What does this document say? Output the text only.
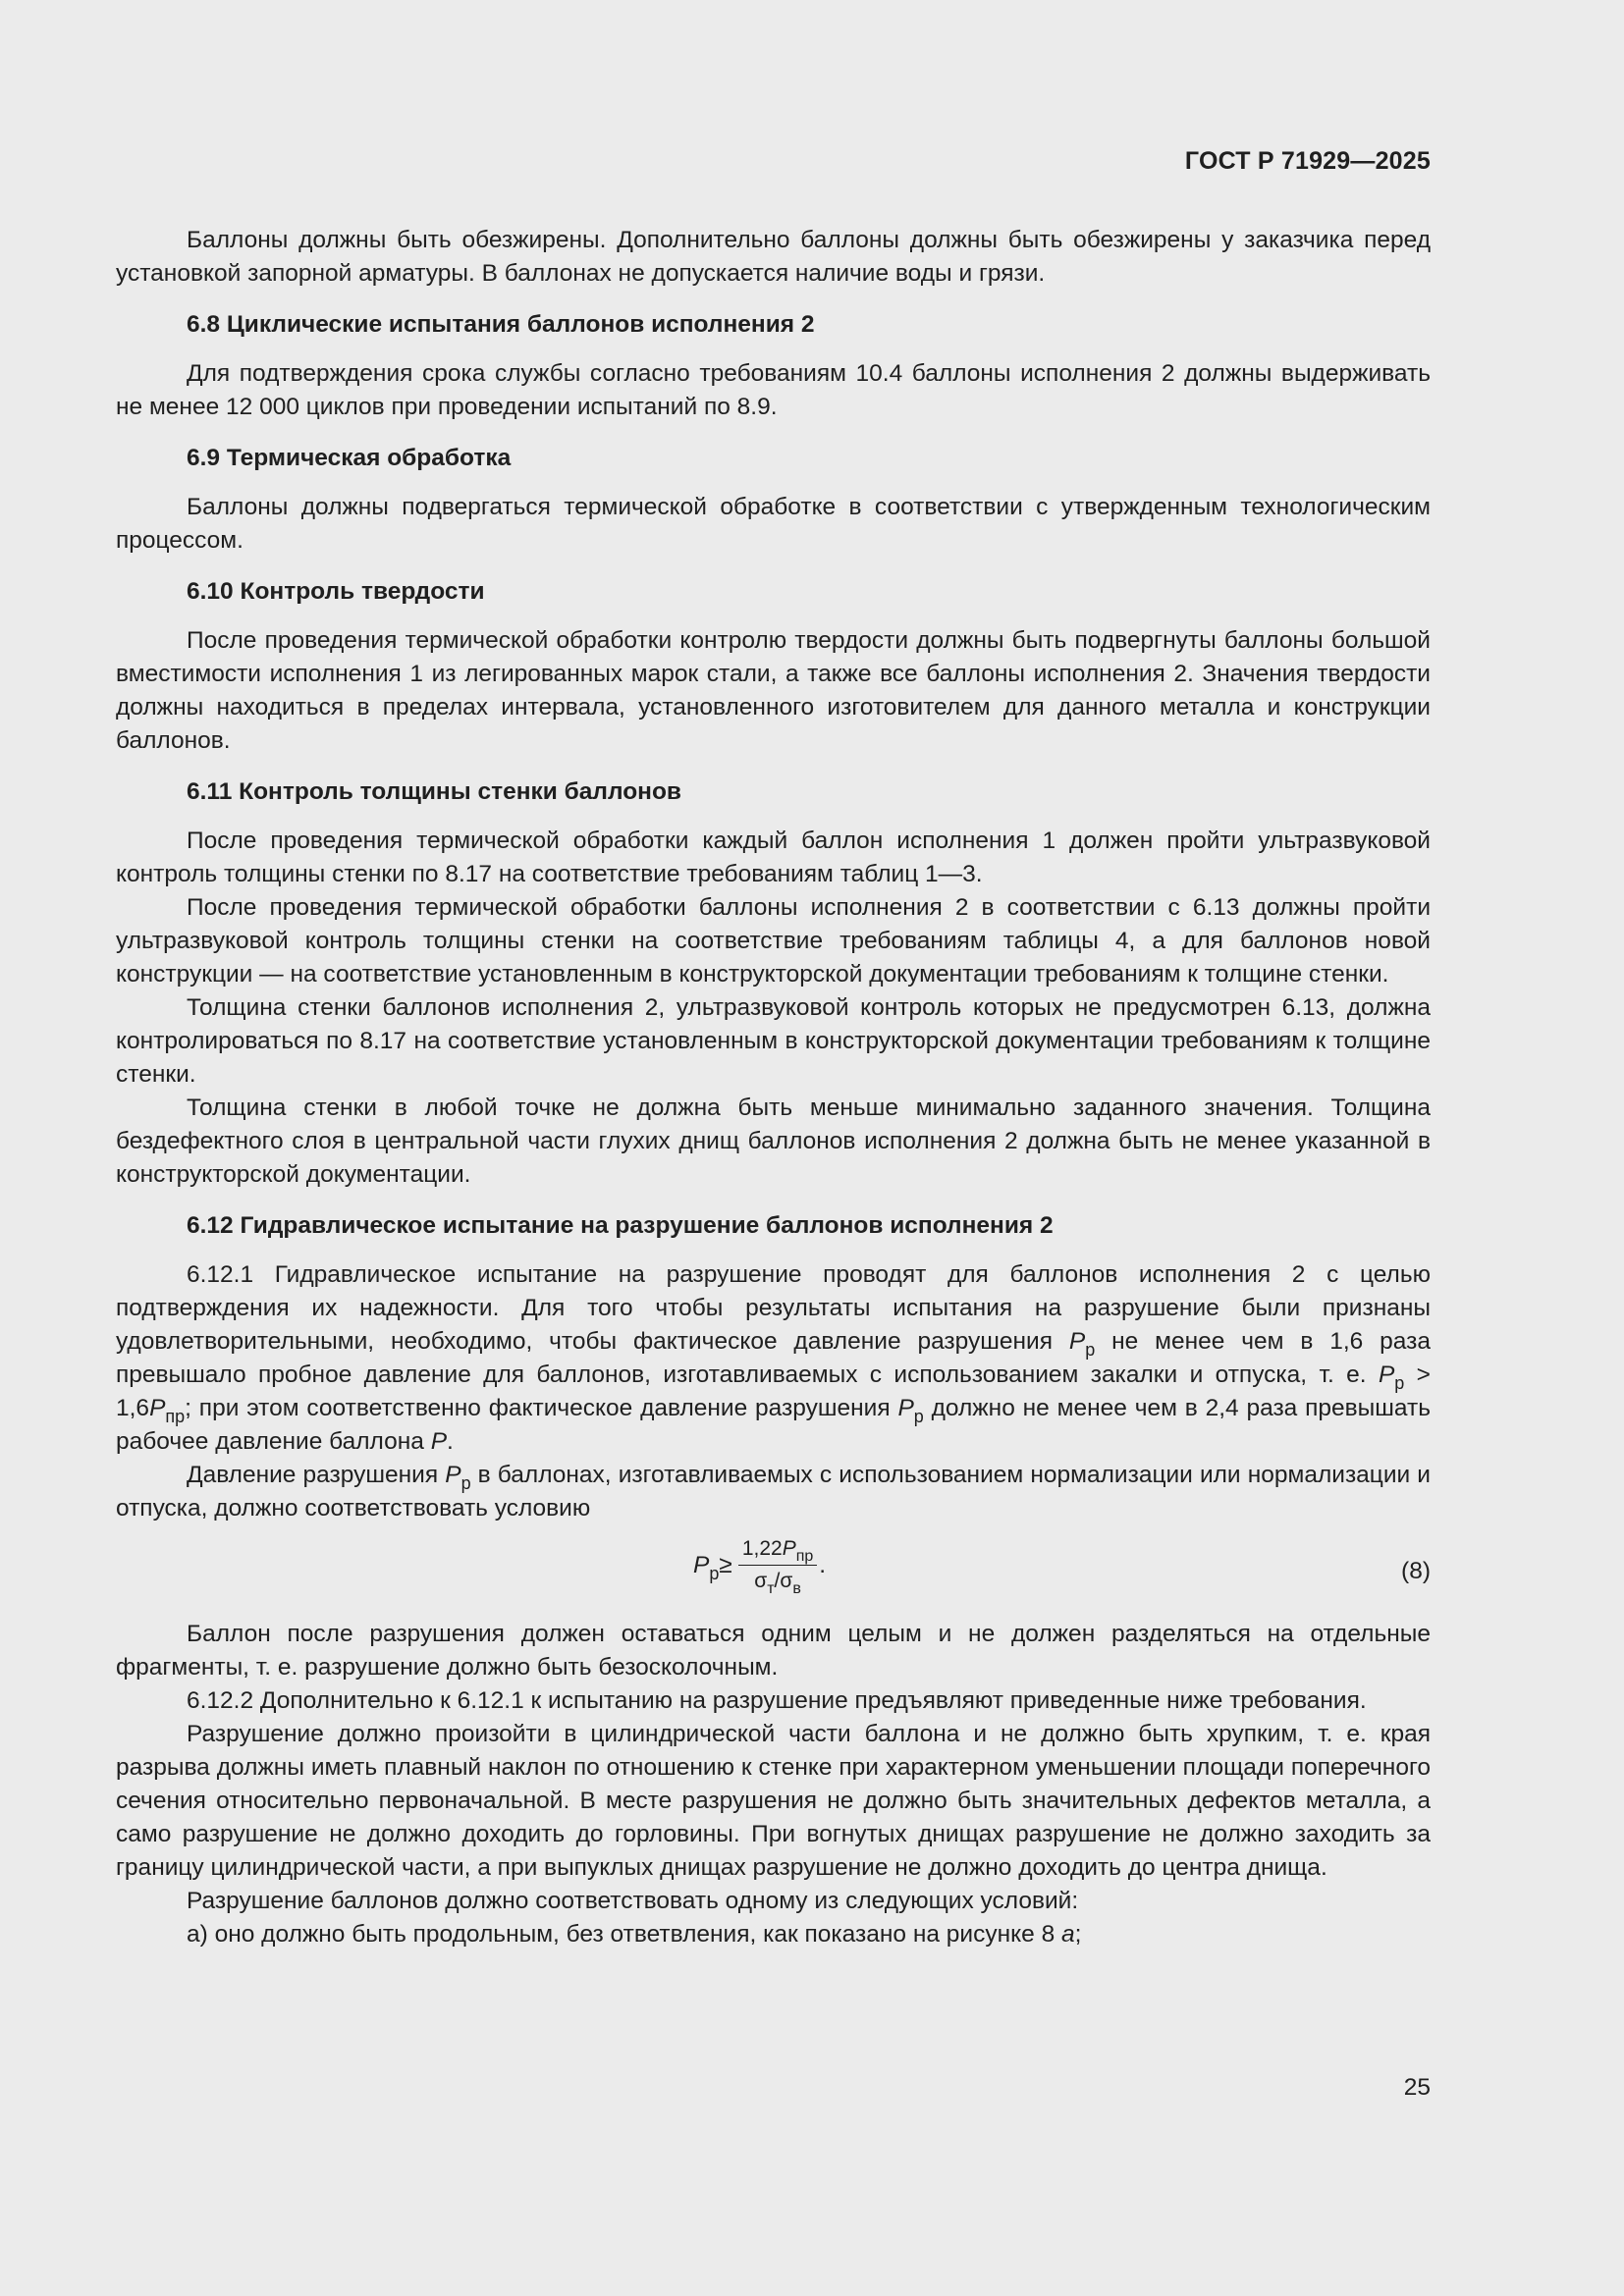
ГОСТ Р 71929—2025

Баллоны должны быть обезжирены. Дополнительно баллоны должны быть обезжирены у заказчика перед установкой запорной арматуры. В баллонах не допускается наличие воды и грязи.

6.8 Циклические испытания баллонов исполнения 2

Для подтверждения срока службы согласно требованиям 10.4 баллоны исполнения 2 должны выдерживать не менее 12 000 циклов при проведении испытаний по 8.9.

6.9 Термическая обработка

Баллоны должны подвергаться термической обработке в соответствии с утвержденным технологическим процессом.

6.10 Контроль твердости

После проведения термической обработки контролю твердости должны быть подвергнуты баллоны большой вместимости исполнения 1 из легированных марок стали, а также все баллоны исполнения 2. Значения твердости должны находиться в пределах интервала, установленного изготовителем для данного металла и конструкции баллонов.

6.11 Контроль толщины стенки баллонов

После проведения термической обработки каждый баллон исполнения 1 должен пройти ультразвуковой контроль толщины стенки по 8.17 на соответствие требованиям таблиц 1—3.

После проведения термической обработки баллоны исполнения 2 в соответствии с 6.13 должны пройти ультразвуковой контроль толщины стенки на соответствие требованиям таблицы 4, а для баллонов новой конструкции — на соответствие установленным в конструкторской документации требованиям к толщине стенки.

Толщина стенки баллонов исполнения 2, ультразвуковой контроль которых не предусмотрен 6.13, должна контролироваться по 8.17 на соответствие установленным в конструкторской документации требованиям к толщине стенки.

Толщина стенки в любой точке не должна быть меньше минимально заданного значения. Толщина бездефектного слоя в центральной части глухих днищ баллонов исполнения 2 должна быть не менее указанной в конструкторской документации.

6.12 Гидравлическое испытание на разрушение баллонов исполнения 2

6.12.1 Гидравлическое испытание на разрушение проводят для баллонов исполнения 2 с целью подтверждения их надежности. Для того чтобы результаты испытания на разрушение были признаны удовлетворительными, необходимо, чтобы фактическое давление разрушения $P_р$ не менее чем в 1,6 раза превышало пробное давление для баллонов, изготавливаемых с использованием закалки и отпуска, т. е. $P_р > 1,6P_{пр}$; при этом соответственно фактическое давление разрушения $P_р$ должно не менее чем в 2,4 раза превышать рабочее давление баллона P.

Давление разрушения $P_р$ в баллонах, изготавливаемых с использованием нормализации или нормализации и отпуска, должно соответствовать условию

$P_р \ge \frac{1,22P_{пр}}{\sigma_т/\sigma_в}$ .	(8)

Баллон после разрушения должен оставаться одним целым и не должен разделяться на отдельные фрагменты, т. е. разрушение должно быть безосколочным.

6.12.2 Дополнительно к 6.12.1 к испытанию на разрушение предъявляют приведенные ниже требования.

Разрушение должно произойти в цилиндрической части баллона и не должно быть хрупким, т. е. края разрыва должны иметь плавный наклон по отношению к стенке при характерном уменьшении площади поперечного сечения относительно первоначальной. В месте разрушения не должно быть значительных дефектов металла, а само разрушение не должно доходить до горловины. При вогнутых днищах разрушение не должно заходить за границу цилиндрической части, а при выпуклых днищах разрушение не должно доходить до центра днища.

Разрушение баллонов должно соответствовать одному из следующих условий:

а) оно должно быть продольным, без ответвления, как показано на рисунке 8 а;

25
